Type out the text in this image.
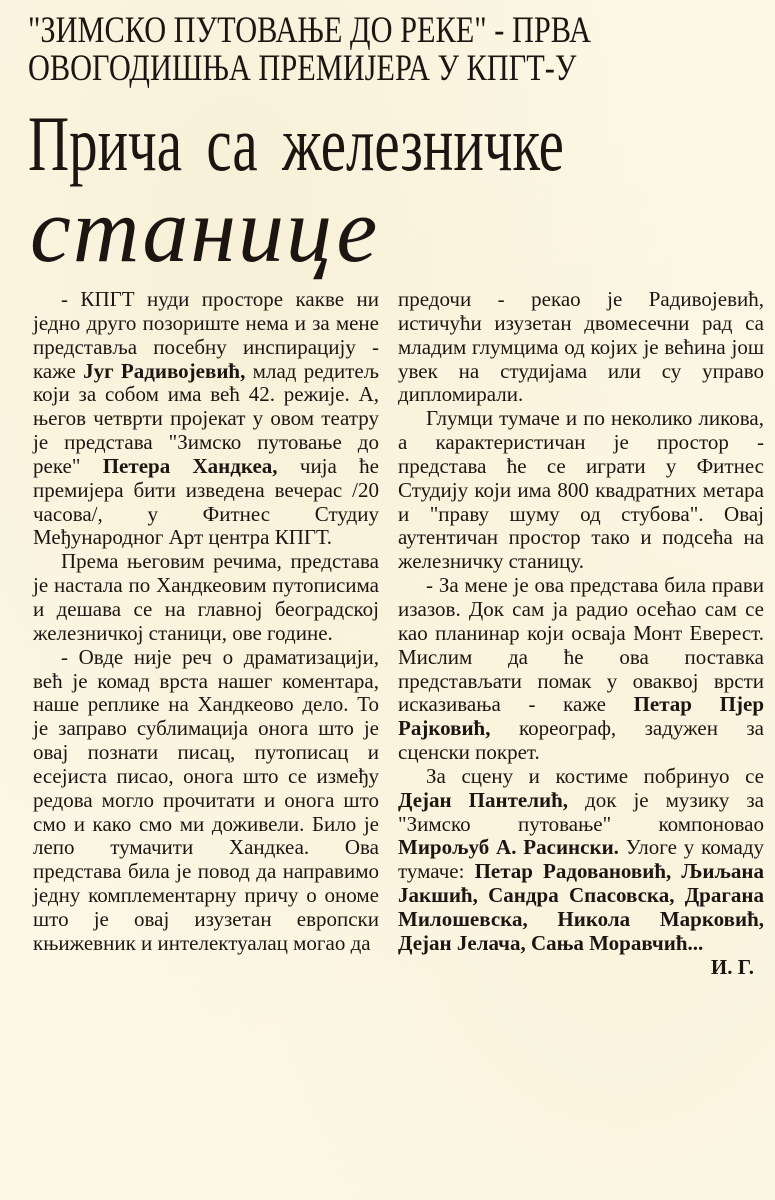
"ЗИМСКО ПУТОВАЊЕ ДО РЕКЕ" - ПРВА
ОВОГОДИШЊА ПРЕМИЈЕРА У КПГТ-У
Прича са железничке
станице

- КПГТ нуди просторе какве ни једно друго позориште нема и за мене представља посебну инспирацију - каже Југ Радивојевић, млад редитељ који за собом има већ 42. режије. А, његов четврти пројекат у овом театру је представа "Зимско путовање до реке" Петера Хандкеа, чија ће премијера бити изведена вечерас /20 часова/, у Фитнес Студиу Међународног Арт центра КПГТ.

Према његовим речима, представа је настала по Хандкеовим путописима и дешава се на главној београдској железничкој станици, ове године.

- Овде није реч о драматизацији, већ је комад врста нашег коментара, наше реплике на Хандкеово дело. То је заправо сублимација онога што је овај познати писац, путописац и есејиста писао, онога што се између редова могло прочитати и онога што смо и како смо ми доживели. Било је лепо тумачити Хандкеа. Ова представа била је повод да направимо једну комплементарну причу о ономе што је овај изузетан европски књижевник и интелектуалац могао да

предочи - рекао је Радивојевић, истичући изузетан двомесечни рад са младим глумцима од којих је већина још увек на студијама или су управо дипломирали.

Глумци тумаче и по неколико ликова, а карактеристичан је простор - представа ће се играти у Фитнес Студију који има 800 квадратних метара и "праву шуму од стубова". Овај аутентичан простор тако и подсећа на железничку станицу.

- За мене је ова представа била прави изазов. Док сам ја радио осећао сам се као планинар који осваја Монт Еверест. Мислим да ће ова поставка представљати помак у оваквој врсти исказивања - каже Петар Пјер Рајковић, кореограф, задужен за сценски покрет.

За сцену и костиме побринуо се Дејан Пантелић, док је музику за "Зимско путовање" компоновао Мирољуб А. Расински. Улоге у комаду тумаче: Петар Радовановић, Љиљана Јакшић, Сандра Спасовска, Драгана Милошевска, Никола Марковић, Дејан Јелача, Сања Моравчић...

И. Г.
